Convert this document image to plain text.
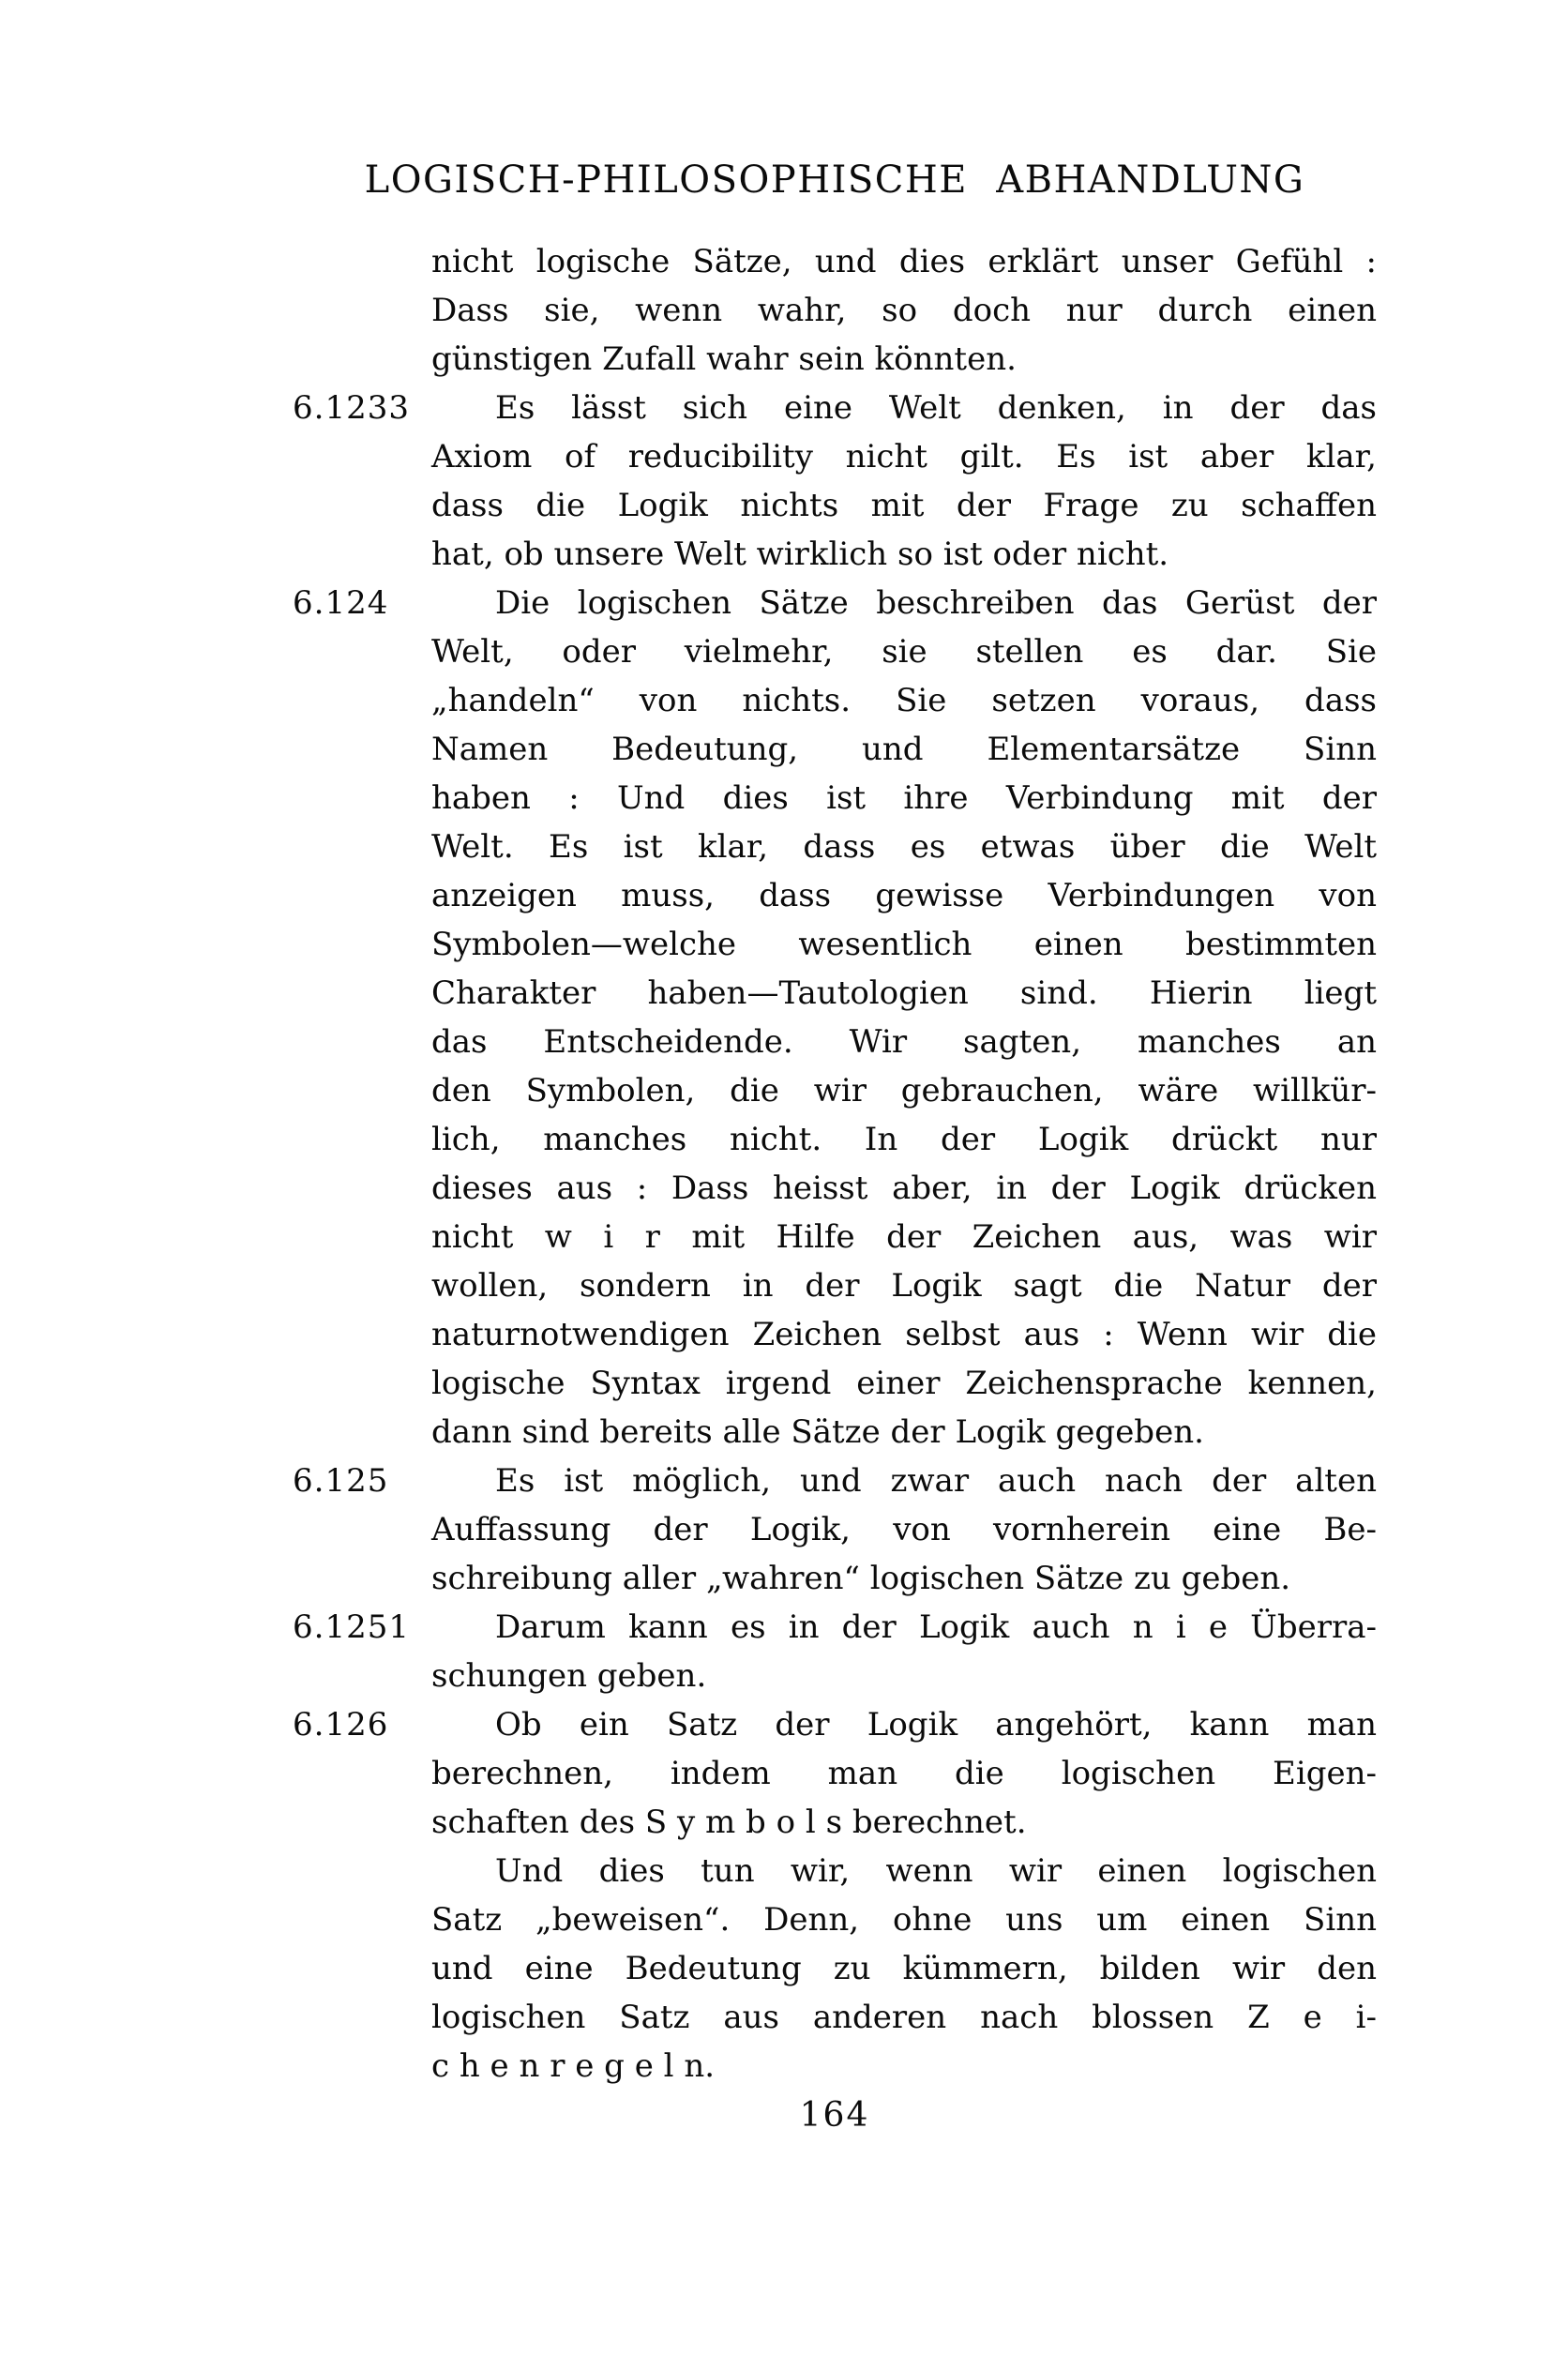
LOGISCH-PHILOSOPHISCHE ABHANDLUNG
nicht logische Sätze, und dies erklärt unser Gefühl :
Dass sie, wenn wahr, so doch nur durch einen
günstigen Zufall wahr sein könnten.
6.1233	Es lässt sich eine Welt denken, in der das
Axiom of reducibility nicht gilt. Es ist aber klar,
dass die Logik nichts mit der Frage zu schaffen
hat, ob unsere Welt wirklich so ist oder nicht.
6.124	Die logischen Sätze beschreiben das Gerüst der
Welt, oder vielmehr, sie stellen es dar. Sie
„handeln“ von nichts. Sie setzen voraus, dass
Namen Bedeutung, und Elementarsätze Sinn
haben : Und dies ist ihre Verbindung mit der
Welt. Es ist klar, dass es etwas über die Welt
anzeigen muss, dass gewisse Verbindungen von
Symbolen—welche wesentlich einen bestimmten
Charakter haben—Tautologien sind. Hierin liegt
das Entscheidende. Wir sagten, manches an
den Symbolen, die wir gebrauchen, wäre willkür-
lich, manches nicht. In der Logik drückt nur
dieses aus : Dass heisst aber, in der Logik drücken
nicht w i r mit Hilfe der Zeichen aus, was wir
wollen, sondern in der Logik sagt die Natur der
naturnotwendigen Zeichen selbst aus : Wenn wir die
logische Syntax irgend einer Zeichensprache kennen,
dann sind bereits alle Sätze der Logik gegeben.
6.125	Es ist möglich, und zwar auch nach der alten
Auffassung der Logik, von vornherein eine Be-
schreibung aller „wahren“ logischen Sätze zu geben.
6.1251	Darum kann es in der Logik auch n i e Überra-
schungen geben.
6.126	Ob ein Satz der Logik angehört, kann man
berechnen, indem man die logischen Eigen-
schaften des S y m b o l s berechnet.
Und dies tun wir, wenn wir einen logischen
Satz „beweisen“. Denn, ohne uns um einen Sinn
und eine Bedeutung zu kümmern, bilden wir den
logischen Satz aus anderen nach blossen Z e i-
c h e n r e g e l n.
164
